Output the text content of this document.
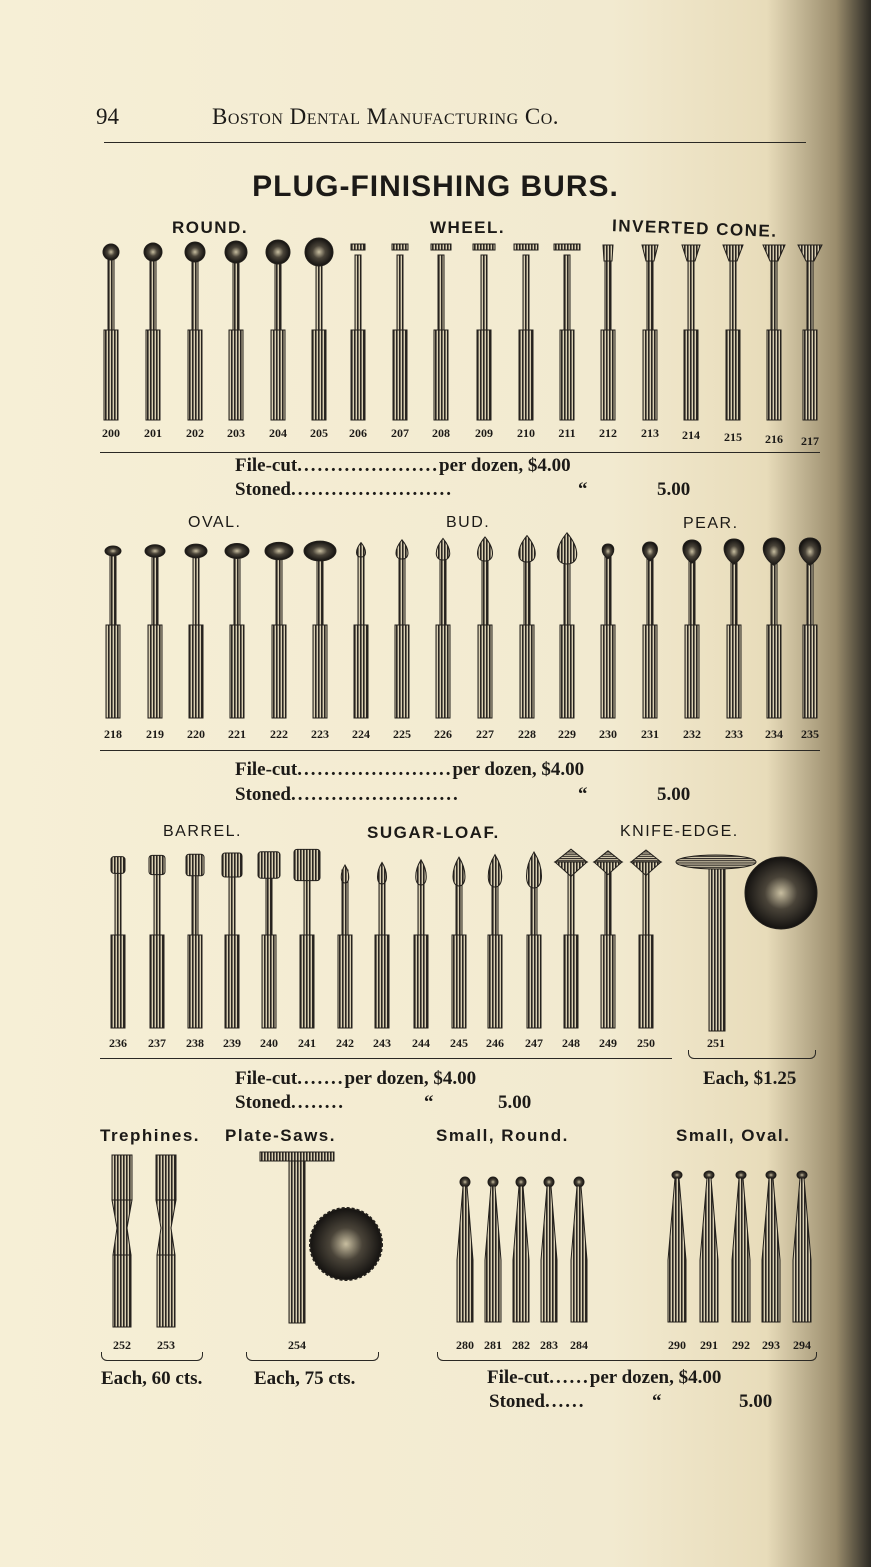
94	Boston Dental Manufacturing Co.
PLUG-FINISHING BURS.
ROUND.	WHEEL.	INVERTED CONE.
200 201 202 203 204 205 206 207 208 209 210 211 212 213 214 215 216 217
File-cut.....................per dozen, $4.00
Stoned........................	“	5.00
OVAL.	BUD.	PEAR.
218 219 220 221 222 223 224 225 226 227 228 229 230 231 232 233 234 235
File-cut.......................per dozen, $4.00
Stoned.........................	“	5.00
BARREL.	SUGAR-LOAF.	KNIFE-EDGE.
236 237 238 239 240 241 242 243 244 245 246 247 248 249 250	251
File-cut.......per dozen, $4.00
Stoned........	“	5.00
Each, $1.25
Trephines. Plate-Saws.	Small, Round.	Small, Oval.
252 253	254	280 281 282 283 284	290 291 292 293 294
Each, 60 cts.	Each, 75 cts.	File-cut......per dozen, $4.00
Stoned......	“	5.00
